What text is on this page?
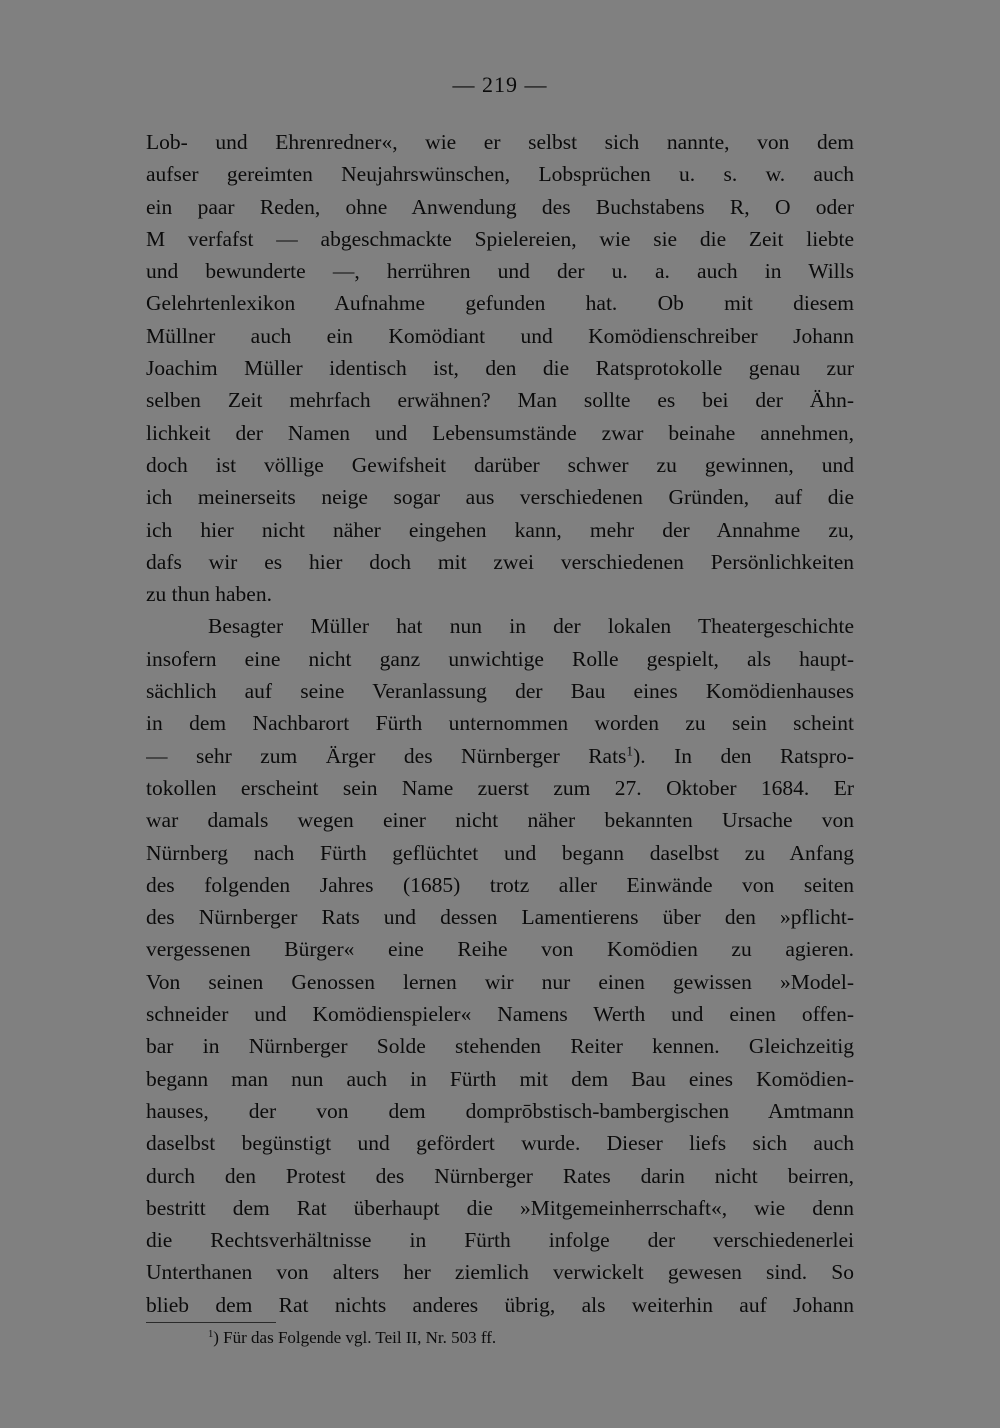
— 219 —
Lob- und Ehrenredner«, wie er selbst sich nannte, von dem
aufser gereimten Neujahrswünschen, Lobsprüchen u. s. w. auch
ein paar Reden, ohne Anwendung des Buchstabens R, O oder
M verfafst — abgeschmackte Spielereien, wie sie die Zeit liebte
und bewunderte —, herrühren und der u. a. auch in Wills
Gelehrtenlexikon Aufnahme gefunden hat. Ob mit diesem
Müllner auch ein Komödiant und Komödienschreiber Johann
Joachim Müller identisch ist, den die Ratsprotokolle genau zur
selben Zeit mehrfach erwähnen? Man sollte es bei der Ähn-
lichkeit der Namen und Lebensumstände zwar beinahe annehmen,
doch ist völlige Gewifsheit darüber schwer zu gewinnen, und
ich meinerseits neige sogar aus verschiedenen Gründen, auf die
ich hier nicht näher eingehen kann, mehr der Annahme zu,
dafs wir es hier doch mit zwei verschiedenen Persönlichkeiten
zu thun haben.
Besagter Müller hat nun in der lokalen Theatergeschichte
insofern eine nicht ganz unwichtige Rolle gespielt, als haupt-
sächlich auf seine Veranlassung der Bau eines Komödienhauses
in dem Nachbarort Fürth unternommen worden zu sein scheint
— sehr zum Ärger des Nürnberger Rats$^1$). In den Ratspro-
tokollen erscheint sein Name zuerst zum 27. Oktober 1684. Er
war damals wegen einer nicht näher bekannten Ursache von
Nürnberg nach Fürth geflüchtet und begann daselbst zu Anfang
des folgenden Jahres (1685) trotz aller Einwände von seiten
des Nürnberger Rats und dessen Lamentierens über den »pflicht-
vergessenen Bürger« eine Reihe von Komödien zu agieren.
Von seinen Genossen lernen wir nur einen gewissen »Model-
schneider und Komödienspieler« Namens Werth und einen offen-
bar in Nürnberger Solde stehenden Reiter kennen. Gleichzeitig
begann man nun auch in Fürth mit dem Bau eines Komödien-
hauses, der von dem domprōbstisch-bambergischen Amtmann
daselbst begünstigt und gefördert wurde. Dieser liefs sich auch
durch den Protest des Nürnberger Rates darin nicht beirren,
bestritt dem Rat überhaupt die »Mitgemeinherrschaft«, wie denn
die Rechtsverhältnisse in Fürth infolge der verschiedenerlei
Unterthanen von alters her ziemlich verwickelt gewesen sind. So
blieb dem Rat nichts anderes übrig, als weiterhin auf Johann
$^1$) Für das Folgende vgl. Teil II, Nr. 503 ff.
